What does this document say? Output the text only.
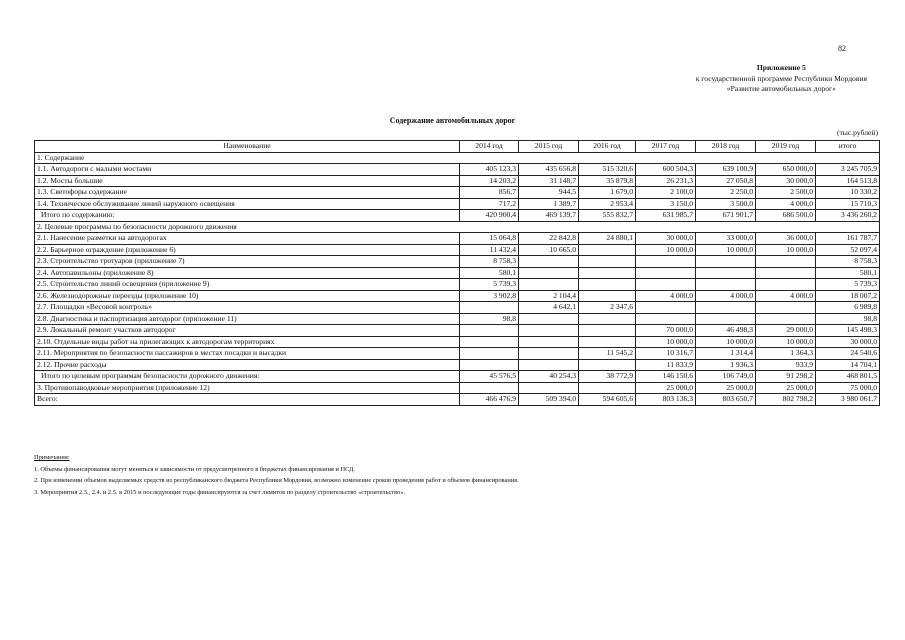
82
Приложение 5
к государственной программе Республики Мордовия
«Развитие автомобильных дорог»
Содержание автомобильных дорог
(тыс.рублей)
Наименование	2014 год	2015 год	2016 год	2017 год	2018 год	2019 год	итого
1. Содержание							
1.1. Автодороги с малыми мостами	405 123,3	435 656,8	515 320,6	600 504,3	639 100,9	650 000,0	3 245 705,9
1.2. Мосты большие	14 203,2	31 148,7	35 879,8	26 231,3	27 050,8	30 000,0	164 513,8
1.3. Светофоры содержание	856,7	944,5	1 679,0	2 100,0	2 250,0	2 500,0	10 330,2
1.4. Техническое обслуживание линий наружного освещения	717,2	1 389,7	2 953,4	3 150,0	3 500,0	4 000,0	15 710,3
Итого по содержанию:	420 900,4	469 139,7	555 832,7	631 985,7	671 901,7	686 500,0	3 436 260,2
2. Целевые программы по безопасности дорожного движения							
2.1. Нанесение разметки на автодорогах	15 064,8	22 842,8	24 880,1	30 000,0	33 000,0	36 000,0	161 787,7
2.2. Барьерное ограждение (приложение 6)	11 432,4	10 665,0		10 000,0	10 000,0	10 000,0	52 097,4
2.3. Строительство тротуаров (приложение 7)	8 758,3						8 758,3
2.4. Автопавильоны (приложение 8)	580,1						580,1
2.5. Строительство линий освещения (приложение 9)	5 739,3						5 739,3
2.6. Железнодорожные переезды (приложение 10)	3 902,8	2 104,4		4 000,0	4 000,0	4 000,0	18 007,2
2.7. Площадки «Весовой контроль»		4 642,1	2 347,6				6 989,8
2.8. Диагностика и паспортизация автодорог (приложение 11)	98,8						98,8
2.9. Локальный ремонт участков автодорог				70 000,0	46 498,3	29 000,0	145 498,3
2.10. Отдельные виды работ на прилегающих к автодорогам территориях				10 000,0	10 000,0	10 000,0	30 000,0
2.11. Мероприятия по безопасности пассажиров в местах посадки и высадки			11 545,2	10 316,7	1 314,4	1 364,3	24 540,6
2.12. Прочие расходы				11 833,9	1 936,3	933,9	14 704,1
Итого по целевым программам безопасности дорожного движения:	45 576,5	40 254,3	38 772,9	146 150,6	106 749,0	91 298,2	468 801,5
3. Противопаводковые мероприятия (приложение 12)				25 000,0	25 000,0	25 000,0	75 000,0
Всего:	466 476,9	509 394,0	594 605,6	803 136,3	803 650,7	802 798,2	3 980 061,7
Примечания:
1. Объемы финансирования могут меняться в зависимости от предусмотренного в бюджетах финансирования и ПСД.
2. При изменении объемов выделяемых средств из республиканского бюджета Республики Мордовия, возможно изменение сроков проведения работ и объемов финансирования.
3. Мероприятия 2.3., 2.4. и 2.5. в 2015 и последующие годы финансируются за счет лимитов по разделу строительство «строительство».
